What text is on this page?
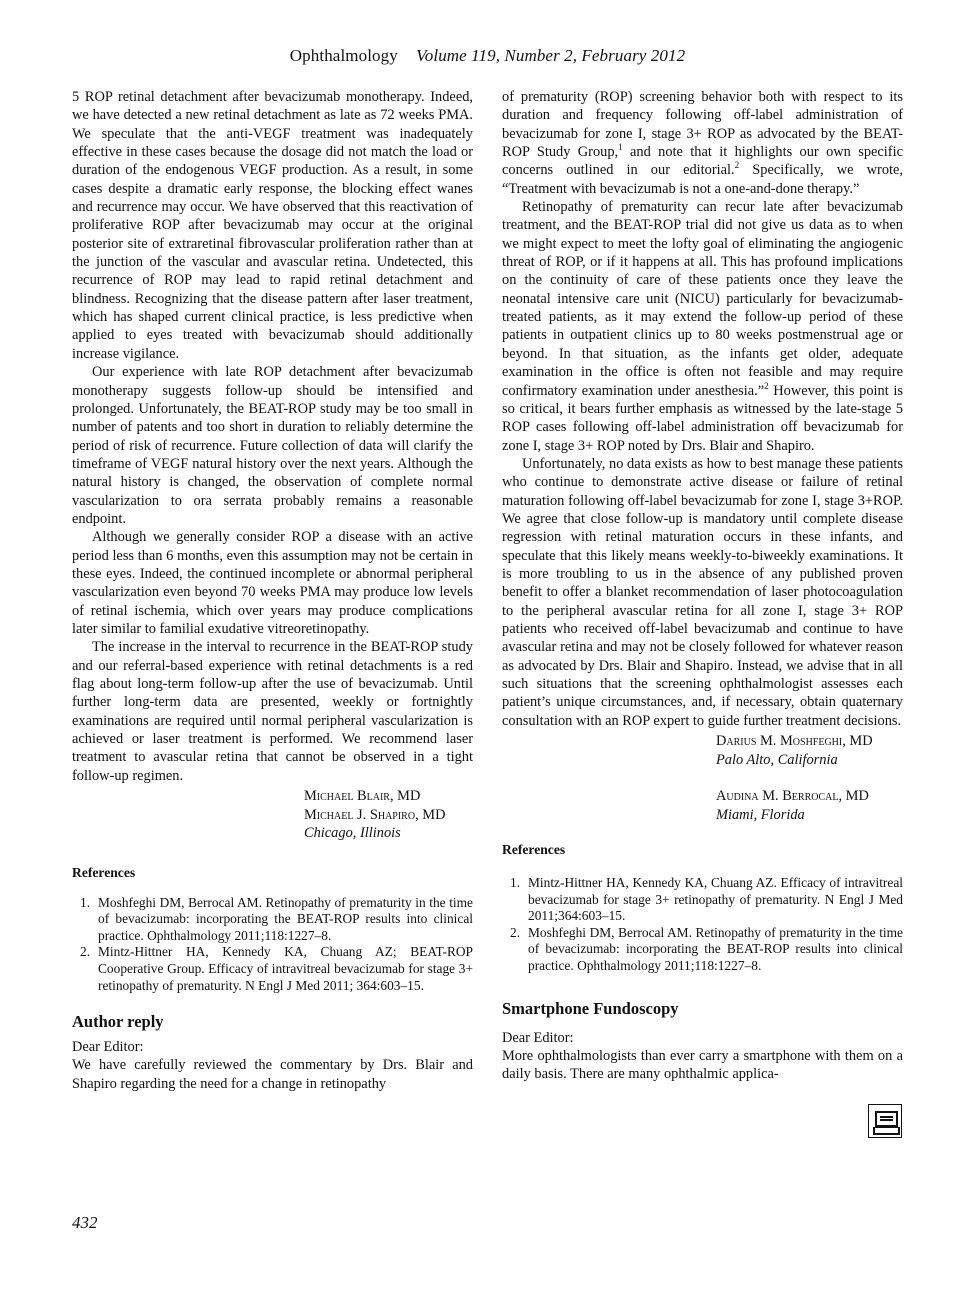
Ophthalmology Volume 119, Number 2, February 2012

5 ROP retinal detachment after bevacizumab monotherapy. Indeed, we have detected a new retinal detachment as late as 72 weeks PMA. We speculate that the anti-VEGF treatment was inadequately effective in these cases because the dosage did not match the load or duration of the endogenous VEGF production. As a result, in some cases despite a dramatic early response, the blocking effect wanes and recurrence may occur. We have observed that this reactivation of proliferative ROP after bevacizumab may occur at the original posterior site of extraretinal fibrovascular proliferation rather than at the junction of the vascular and avascular retina. Undetected, this recurrence of ROP may lead to rapid retinal detachment and blindness. Recognizing that the disease pattern after laser treatment, which has shaped current clinical practice, is less predictive when applied to eyes treated with bevacizumab should additionally increase vigilance.

Our experience with late ROP detachment after bevacizumab monotherapy suggests follow-up should be intensified and prolonged. Unfortunately, the BEAT-ROP study may be too small in number of patents and too short in duration to reliably determine the period of risk of recurrence. Future collection of data will clarify the timeframe of VEGF natural history over the next years. Although the natural history is changed, the observation of complete normal vascularization to ora serrata probably remains a reasonable endpoint.

Although we generally consider ROP a disease with an active period less than 6 months, even this assumption may not be certain in these eyes. Indeed, the continued incomplete or abnormal peripheral vascularization even beyond 70 weeks PMA may produce low levels of retinal ischemia, which over years may produce complications later similar to familial exudative vitreoretinopathy.

The increase in the interval to recurrence in the BEAT-ROP study and our referral-based experience with retinal detachments is a red flag about long-term follow-up after the use of bevacizumab. Until further long-term data are presented, weekly or fortnightly examinations are required until normal peripheral vascularization is achieved or laser treatment is performed. We recommend laser treatment to avascular retina that cannot be observed in a tight follow-up regimen.

Michael Blair, MD
Michael J. Shapiro, MD
Chicago, Illinois

References

1. Moshfeghi DM, Berrocal AM. Retinopathy of prematurity in the time of bevacizumab: incorporating the BEAT-ROP results into clinical practice. Ophthalmology 2011;118:1227–8.
2. Mintz-Hittner HA, Kennedy KA, Chuang AZ; BEAT-ROP Cooperative Group. Efficacy of intravitreal bevacizumab for stage 3+ retinopathy of prematurity. N Engl J Med 2011; 364:603–15.
Author reply
Dear Editor:

We have carefully reviewed the commentary by Drs. Blair and Shapiro regarding the need for a change in retinopathy

of prematurity (ROP) screening behavior both with respect to its duration and frequency following off-label administration of bevacizumab for zone I, stage 3+ ROP as advocated by the BEAT-ROP Study Group,$^1$ and note that it highlights our own specific concerns outlined in our editorial.$^2$ Specifically, we wrote, “Treatment with bevacizumab is not a one-and-done therapy.”

Retinopathy of prematurity can recur late after bevacizumab treatment, and the BEAT-ROP trial did not give us data as to when we might expect to meet the lofty goal of eliminating the angiogenic threat of ROP, or if it happens at all. This has profound implications on the continuity of care of these patients once they leave the neonatal intensive care unit (NICU) particularly for bevacizumab-treated patients, as it may extend the follow-up period of these patients in outpatient clinics up to 80 weeks postmenstrual age or beyond. In that situation, as the infants get older, adequate examination in the office is often not feasible and may require confirmatory examination under anesthesia.”$^2$ However, this point is so critical, it bears further emphasis as witnessed by the late-stage 5 ROP cases following off-label administration off bevacizumab for zone I, stage 3+ ROP noted by Drs. Blair and Shapiro.

Unfortunately, no data exists as how to best manage these patients who continue to demonstrate active disease or failure of retinal maturation following off-label bevacizumab for zone I, stage 3+ROP. We agree that close follow-up is mandatory until complete disease regression with retinal maturation occurs in these infants, and speculate that this likely means weekly-to-biweekly examinations. It is more troubling to us in the absence of any published proven benefit to offer a blanket recommendation of laser photocoagulation to the peripheral avascular retina for all zone I, stage 3+ ROP patients who received off-label bevacizumab and continue to have avascular retina and may not be closely followed for whatever reason as advocated by Drs. Blair and Shapiro. Instead, we advise that in all such situations that the screening ophthalmologist assesses each patient’s unique circumstances, and, if necessary, obtain quaternary consultation with an ROP expert to guide further treatment decisions.

Darius M. Moshfeghi, MD
Palo Alto, California
Audina M. Berrocal, MD
Miami, Florida

References

1. Mintz-Hittner HA, Kennedy KA, Chuang AZ. Efficacy of intravitreal bevacizumab for stage 3+ retinopathy of prematurity. N Engl J Med 2011;364:603–15.
2. Moshfeghi DM, Berrocal AM. Retinopathy of prematurity in the time of bevacizumab: incorporating the BEAT-ROP results into clinical practice. Ophthalmology 2011;118:1227–8.
Smartphone Fundoscopy
Dear Editor:

More ophthalmologists than ever carry a smartphone with them on a daily basis. There are many ophthalmic applica-

432
